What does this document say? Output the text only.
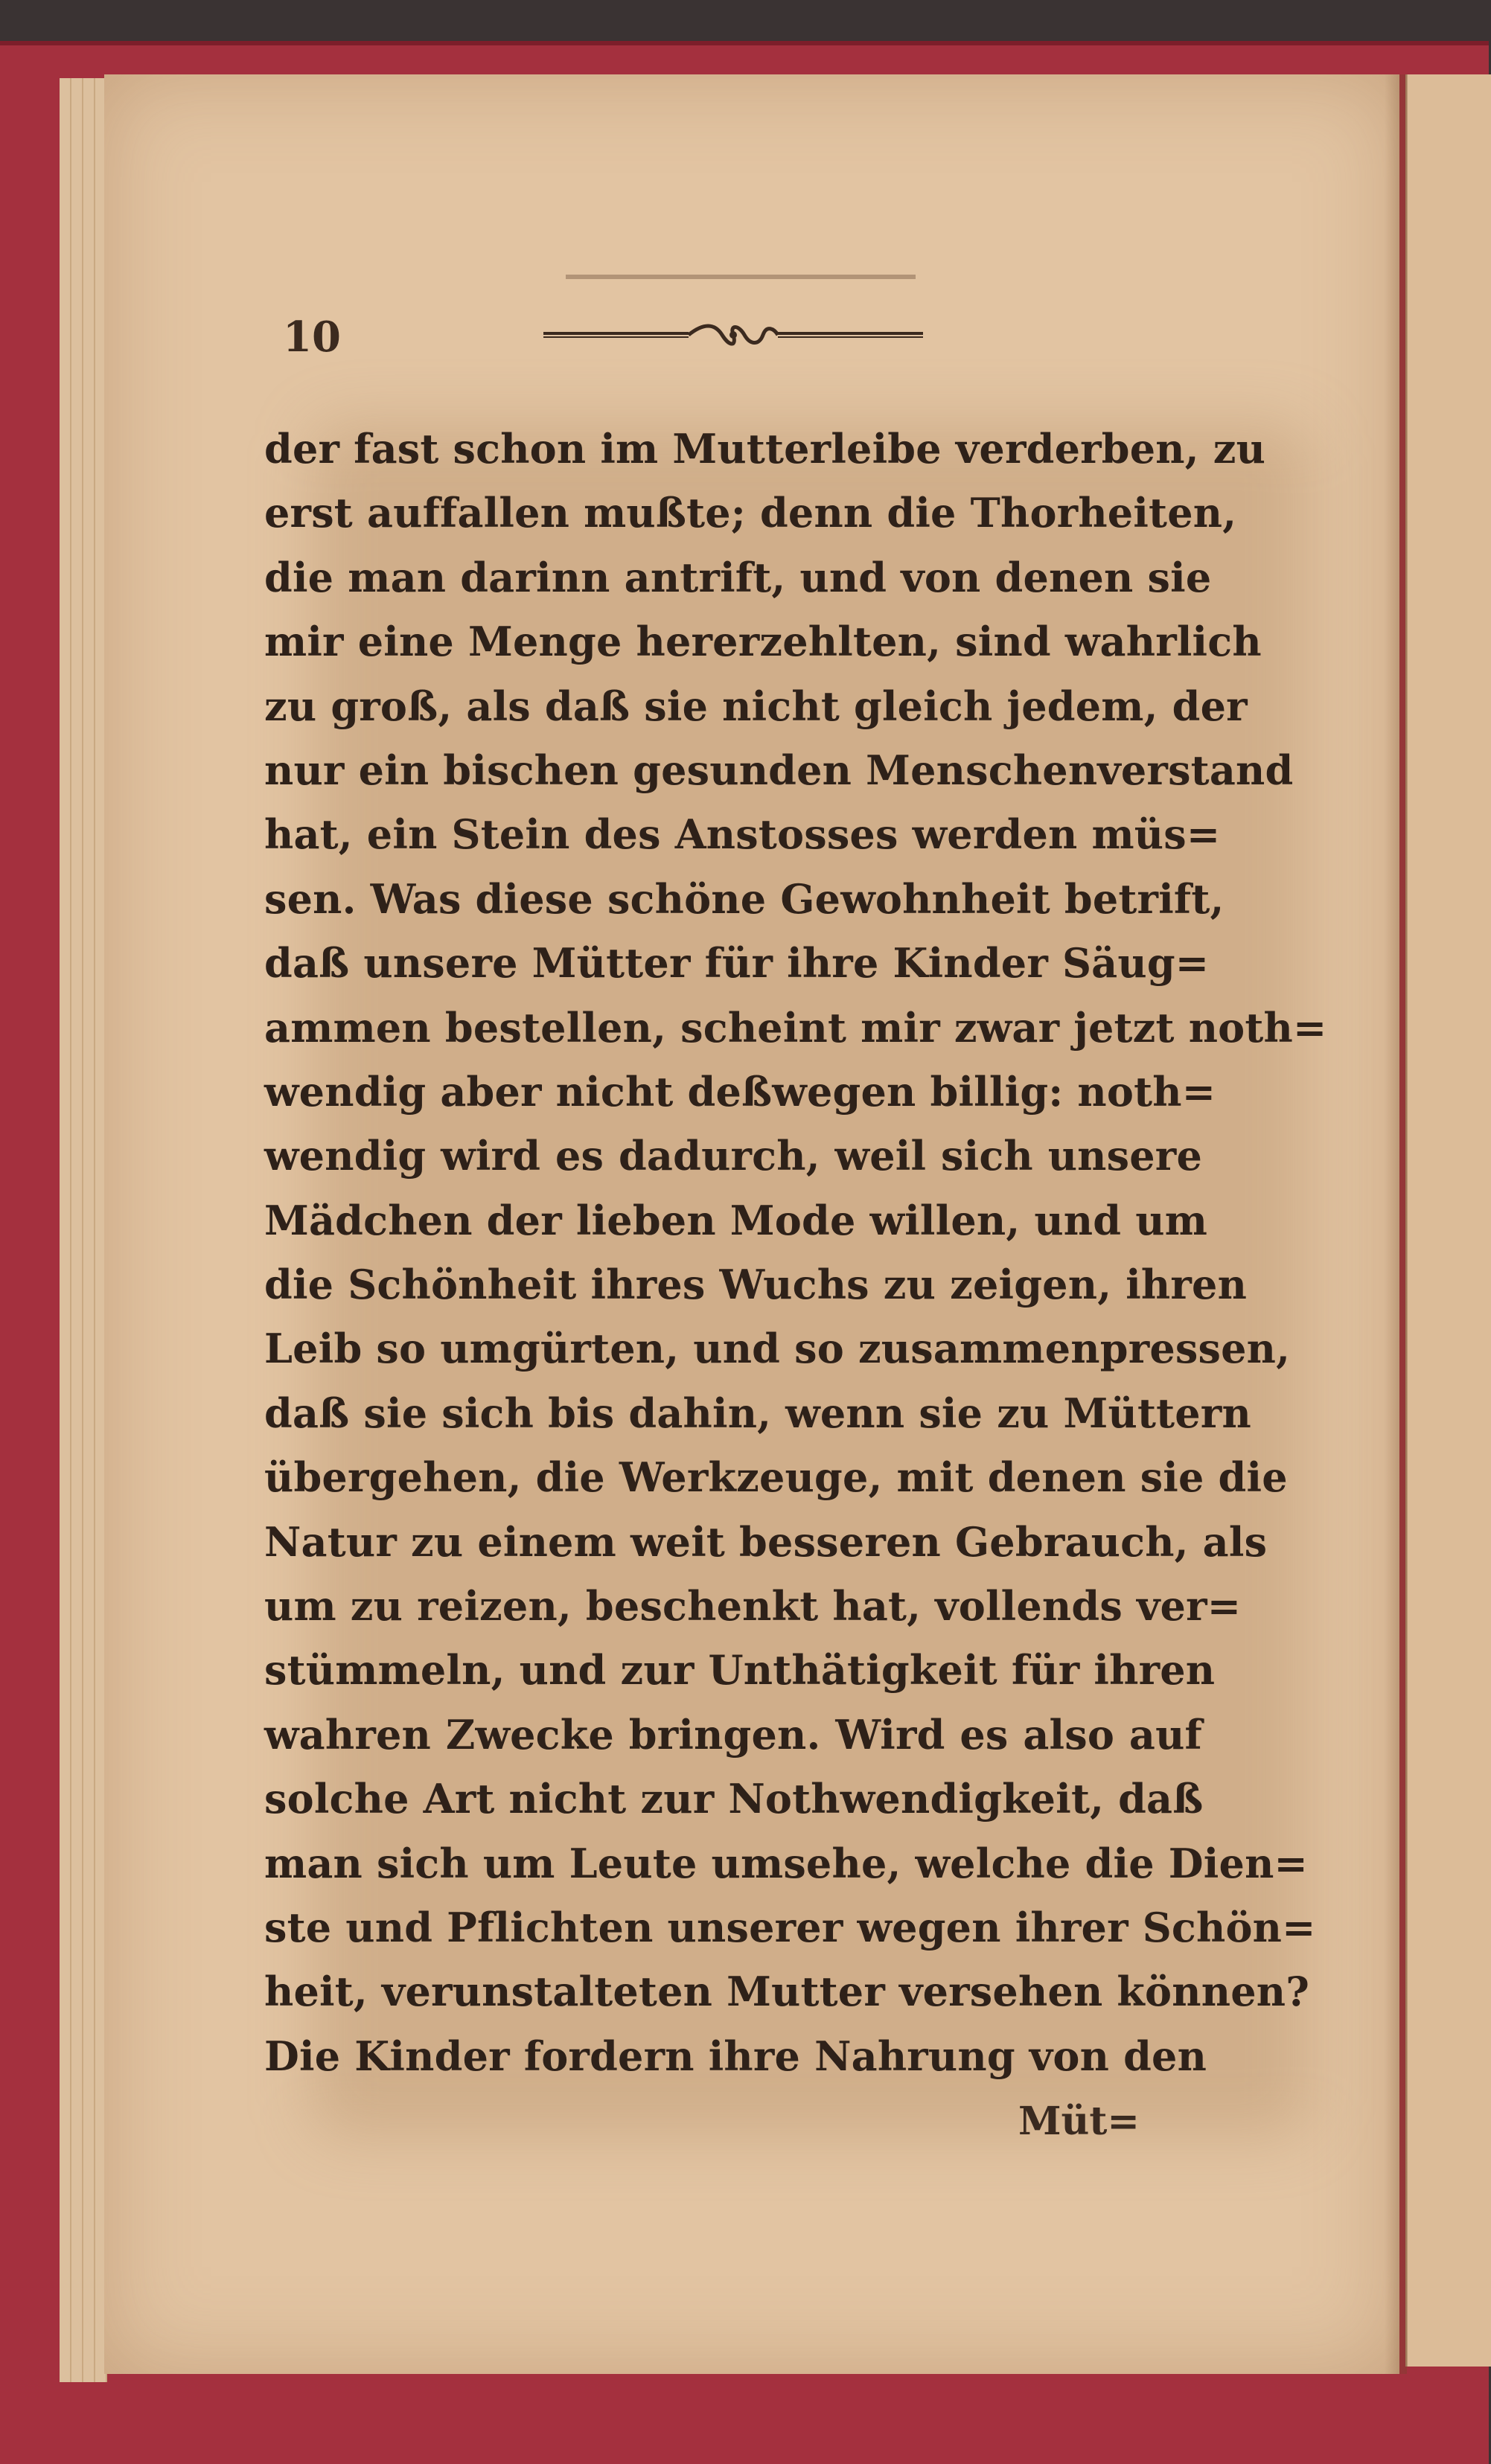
10
der fast schon im Mutterleibe verderben, zu
erst auffallen mußte; denn die Thorheiten,
die man darinn antrift, und von denen sie
mir eine Menge hererzehlten, sind wahrlich
zu groß, als daß sie nicht gleich jedem, der
nur ein bischen gesunden Menschenverstand
hat, ein Stein des Anstosses werden müs=
sen. Was diese schöne Gewohnheit betrift,
daß unsere Mütter für ihre Kinder Säug=
ammen bestellen, scheint mir zwar jetzt noth=
wendig aber nicht deßwegen billig: noth=
wendig wird es dadurch, weil sich unsere
Mädchen der lieben Mode willen, und um
die Schönheit ihres Wuchs zu zeigen, ihren
Leib so umgürten, und so zusammenpressen,
daß sie sich bis dahin, wenn sie zu Müttern
übergehen, die Werkzeuge, mit denen sie die
Natur zu einem weit besseren Gebrauch, als
um zu reizen, beschenkt hat, vollends ver=
stümmeln, und zur Unthätigkeit für ihren
wahren Zwecke bringen. Wird es also auf
solche Art nicht zur Nothwendigkeit, daß
man sich um Leute umsehe, welche die Dien=
ste und Pflichten unserer wegen ihrer Schön=
heit, verunstalteten Mutter versehen können?
Die Kinder fordern ihre Nahrung von den
Müt=
